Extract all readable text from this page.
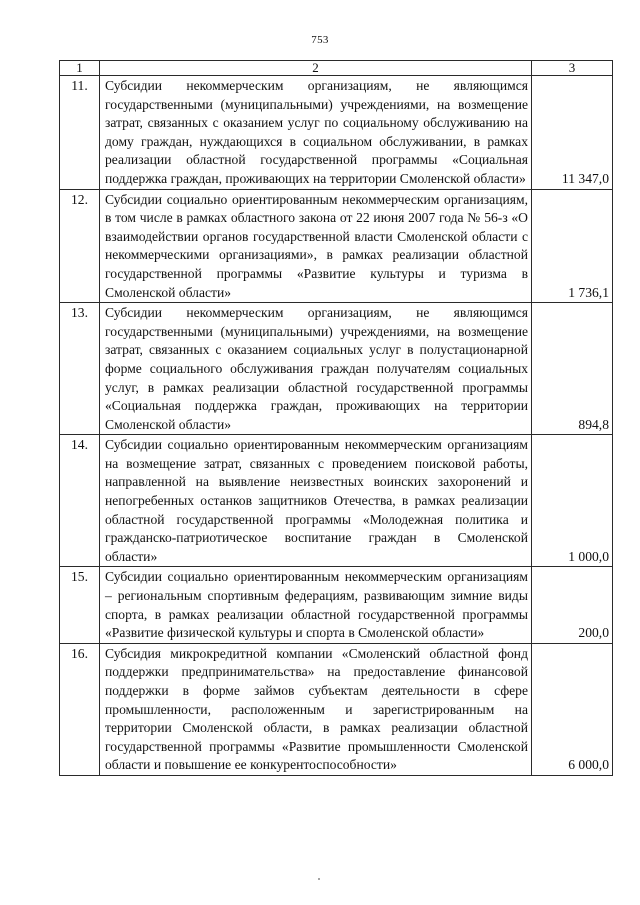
753
1	2	3
11.	Субсидии некоммерческим организациям, не являющимся государственными (муниципальными) учреждениями, на возмещение затрат, связанных с оказанием услуг по социальному обслуживанию на дому граждан, нуждающихся в социальном обслуживании, в рамках реализации областной государственной программы «Социальная поддержка граждан, проживающих на территории Смоленской области»	11 347,0
12.	Субсидии социально ориентированным некоммерческим организациям, в том числе в рамках областного закона от 22 июня 2007 года № 56-з «О взаимодействии органов государственной власти Смоленской области с некоммерческими организациями», в рамках реализации областной государственной программы «Развитие культуры и туризма в Смоленской области»	1 736,1
13.	Субсидии некоммерческим организациям, не являющимся государственными (муниципальными) учреждениями, на возмещение затрат, связанных с оказанием социальных услуг в полустационарной форме социального обслуживания граждан получателям социальных услуг, в рамках реализации областной государственной программы «Социальная поддержка граждан, проживающих на территории Смоленской области»	894,8
14.	Субсидии социально ориентированным некоммерческим организациям на возмещение затрат, связанных с проведением поисковой работы, направленной на выявление неизвестных воинских захоронений и непогребенных останков защитников Отечества, в рамках реализации областной государственной программы «Молодежная политика и гражданско-патриотическое воспитание граждан в Смоленской области»	1 000,0
15.	Субсидии социально ориентированным некоммерческим организациям – региональным спортивным федерациям, развивающим зимние виды спорта, в рамках реализации областной государственной программы «Развитие физической культуры и спорта в Смоленской области»	200,0
16.	Субсидия микрокредитной компании «Смоленский областной фонд поддержки предпринимательства» на предоставление финансовой поддержки в форме займов субъектам деятельности в сфере промышленности, расположенным и зарегистрированным на территории Смоленской области, в рамках реализации областной государственной программы «Развитие промышленности Смоленской области и повышение ее конкурентоспособности»	6 000,0
